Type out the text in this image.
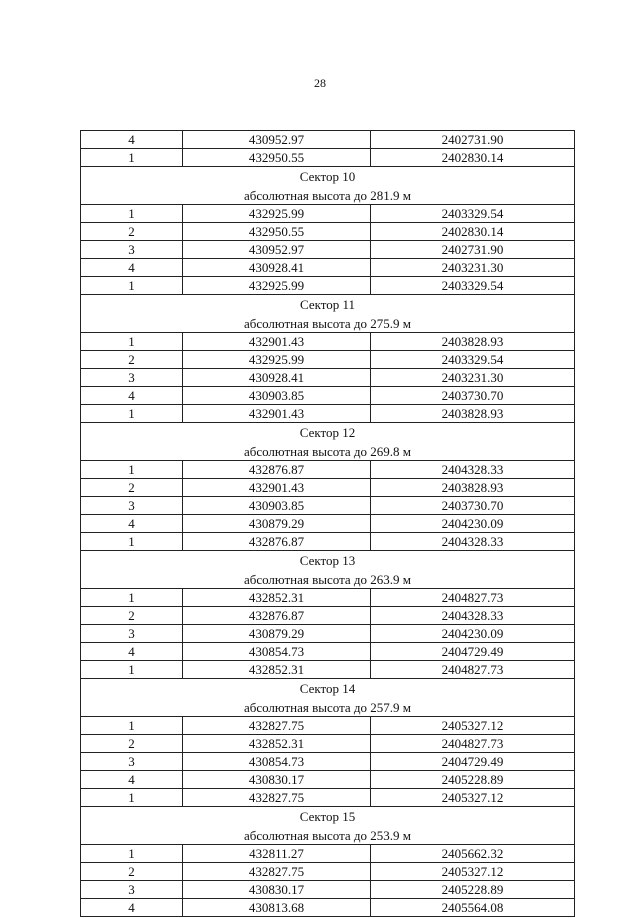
28
4	430952.97	2402731.90
1	432950.55	2402830.14
Сектор 10		
абсолютная высота до 281.9 м		
1	432925.99	2403329.54
2	432950.55	2402830.14
3	430952.97	2402731.90
4	430928.41	2403231.30
1	432925.99	2403329.54
Сектор 11		
абсолютная высота до 275.9 м		
1	432901.43	2403828.93
2	432925.99	2403329.54
3	430928.41	2403231.30
4	430903.85	2403730.70
1	432901.43	2403828.93
Сектор 12		
абсолютная высота до 269.8 м		
1	432876.87	2404328.33
2	432901.43	2403828.93
3	430903.85	2403730.70
4	430879.29	2404230.09
1	432876.87	2404328.33
Сектор 13		
абсолютная высота до 263.9 м		
1	432852.31	2404827.73
2	432876.87	2404328.33
3	430879.29	2404230.09
4	430854.73	2404729.49
1	432852.31	2404827.73
Сектор 14		
абсолютная высота до 257.9 м		
1	432827.75	2405327.12
2	432852.31	2404827.73
3	430854.73	2404729.49
4	430830.17	2405228.89
1	432827.75	2405327.12
Сектор 15		
абсолютная высота до 253.9 м		
1	432811.27	2405662.32
2	432827.75	2405327.12
3	430830.17	2405228.89
4	430813.68	2405564.08
